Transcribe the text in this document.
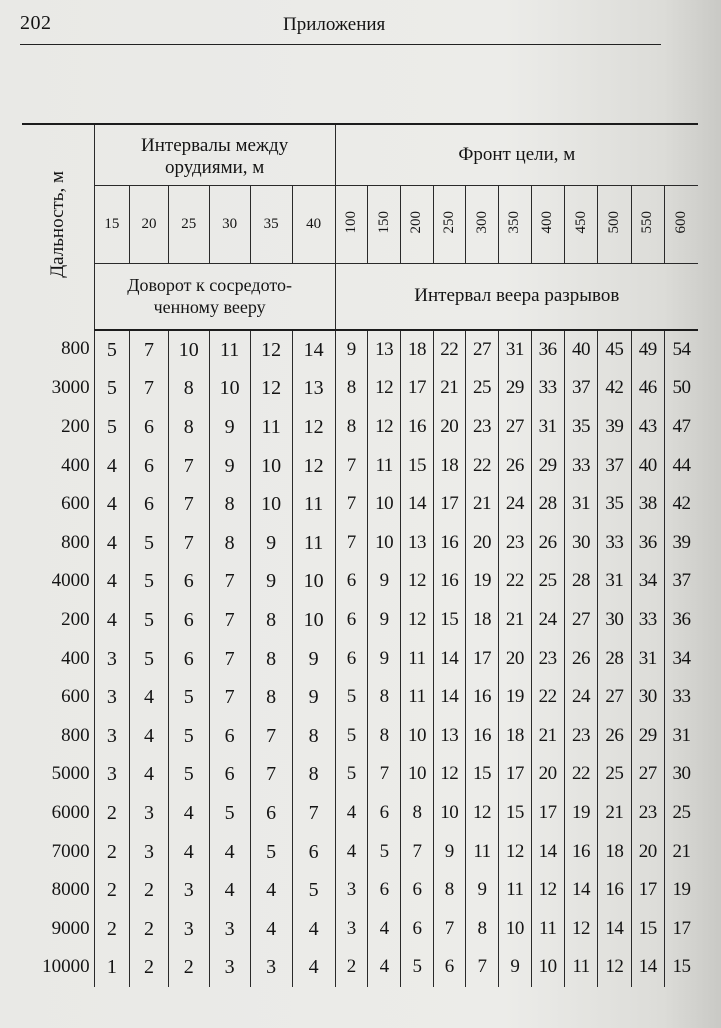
202	Приложения
Дальность, м	Интервалы между орудиями, м						Фронт цели, м										
	15	20	25	30	35	40	100	150	200	250	300	350	400	450	500	550	600

	Доворот к сосредото-ченному вееру						Интервал веера разрывов										
800	5	7	10	11	12	14	9	13	18	22	27	31	36	40	45	49	54
3000	5	7	8	10	12	13	8	12	17	21	25	29	33	37	42	46	50
200	5	6	8	9	11	12	8	12	16	20	23	27	31	35	39	43	47
400	4	6	7	9	10	12	7	11	15	18	22	26	29	33	37	40	44
600	4	6	7	8	10	11	7	10	14	17	21	24	28	31	35	38	42
800	4	5	7	8	9	11	7	10	13	16	20	23	26	30	33	36	39
4000	4	5	6	7	9	10	6	9	12	16	19	22	25	28	31	34	37
200	4	5	6	7	8	10	6	9	12	15	18	21	24	27	30	33	36
400	3	5	6	7	8	9	6	9	11	14	17	20	23	26	28	31	34
600	3	4	5	7	8	9	5	8	11	14	16	19	22	24	27	30	33
800	3	4	5	6	7	8	5	8	10	13	16	18	21	23	26	29	31
5000	3	4	5	6	7	8	5	7	10	12	15	17	20	22	25	27	30
6000	2	3	4	5	6	7	4	6	8	10	12	15	17	19	21	23	25
7000	2	3	4	4	5	6	4	5	7	9	11	12	14	16	18	20	21
8000	2	2	3	4	4	5	3	6	6	8	9	11	12	14	16	17	19
9000	2	2	3	3	4	4	3	4	6	7	8	10	11	12	14	15	17
10000	1	2	2	3	3	4	2	4	5	6	7	9	10	11	12	14	15
